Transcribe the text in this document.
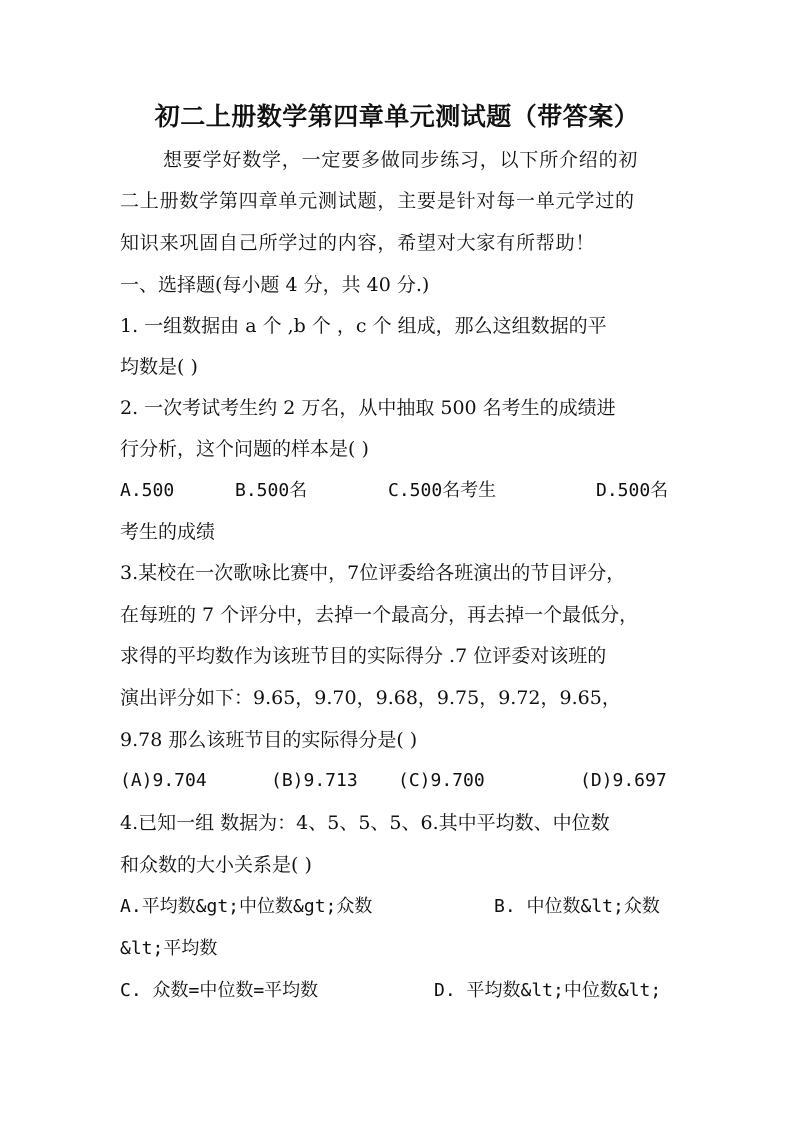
初二上册数学第四章单元测试题（带答案）
想要学好数学，一定要多做同步练习，以下所介绍的初
二上册数学第四章单元测试题，主要是针对每一单元学过的
知识来巩固自己所学过的内容，希望对大家有所帮助！
一、选择题(每小题 4 分，共 40 分.)
1. 一组数据由 a 个 ,b 个 ，c 个 组成，那么这组数据的平
均数是( )
2. 一次考试考生约 2 万名，从中抽取 500 名考生的成绩进
行分析，这个问题的样本是( )
A.500	B.500名	C.500名考生	D.500名
考生的成绩
3.某校在一次歌咏比赛中，7位评委给各班演出的节目评分，
在每班的 7 个评分中，去掉一个最高分，再去掉一个最低分，
求得的平均数作为该班节目的实际得分 .7 位评委对该班的
演出评分如下：9.65，9.70，9.68，9.75，9.72，9.65，
9.78 那么该班节目的实际得分是( )
(A)9.704	(B)9.713 (C)9.700	(D)9.697
4.已知一组 数据为：4、5、5、5、6.其中平均数、中位数
和众数的大小关系是( )
A.平均数&gt;中位数&gt;众数	B. 中位数&lt;众数
&lt;平均数
C. 众数=中位数=平均数	D. 平均数&lt;中位数&lt;
